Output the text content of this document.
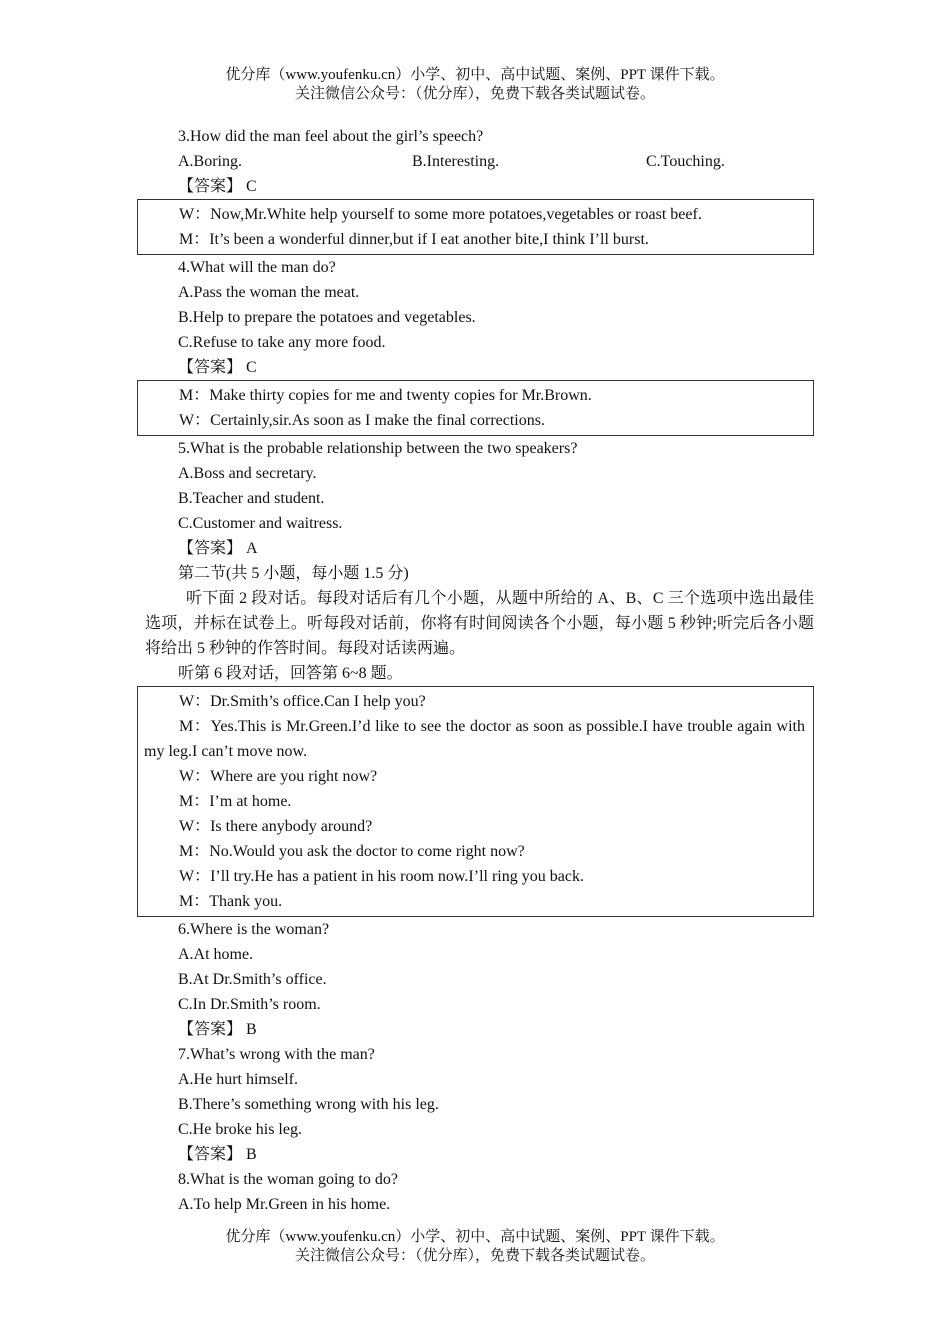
优分库（www.youfenku.cn）小学、初中、高中试题、案例、PPT 课件下载。
关注微信公众号：（优分库），免费下载各类试题试卷。
3.How did the man feel about the girl’s speech?
A.Boring.	B.Interesting.	C.Touching.
【答案】 C
W：Now,Mr.White help yourself to some more potatoes,vegetables or roast beef.
M：It’s been a wonderful dinner,but if I eat another bite,I think I’ll burst.
4.What will the man do?
A.Pass the woman the meat.
B.Help to prepare the potatoes and vegetables.
C.Refuse to take any more food.
【答案】 C
M：Make thirty copies for me and twenty copies for Mr.Brown.
W：Certainly,sir.As soon as I make the final corrections.
5.What is the probable relationship between the two speakers?
A.Boss and secretary.
B.Teacher and student.
C.Customer and waitress.
【答案】 A
第二节(共 5 小题，每小题 1.5 分)
听下面 2 段对话。每段对话后有几个小题，从题中所给的 A、B、C 三个选项中选出最佳选项，并标在试卷上。听每段对话前，你将有时间阅读各个小题，每小题 5 秒钟;听完后各小题将给出 5 秒钟的作答时间。每段对话读两遍。
听第 6 段对话，回答第 6~8 题。
W：Dr.Smith’s office.Can I help you?
M：Yes.This is Mr.Green.I’d like to see the doctor as soon as possible.I have trouble again with my leg.I can’t move now.
W：Where are you right now?
M：I’m at home.
W：Is there anybody around?
M：No.Would you ask the doctor to come right now?
W：I’ll try.He has a patient in his room now.I’ll ring you back.
M：Thank you.
6.Where is the woman?
A.At home.
B.At Dr.Smith’s office.
C.In Dr.Smith’s room.
【答案】 B
7.What’s wrong with the man?
A.He hurt himself.
B.There’s something wrong with his leg.
C.He broke his leg.
【答案】 B
8.What is the woman going to do?
A.To help Mr.Green in his home.
优分库（www.youfenku.cn）小学、初中、高中试题、案例、PPT 课件下载。
关注微信公众号：（优分库），免费下载各类试题试卷。
